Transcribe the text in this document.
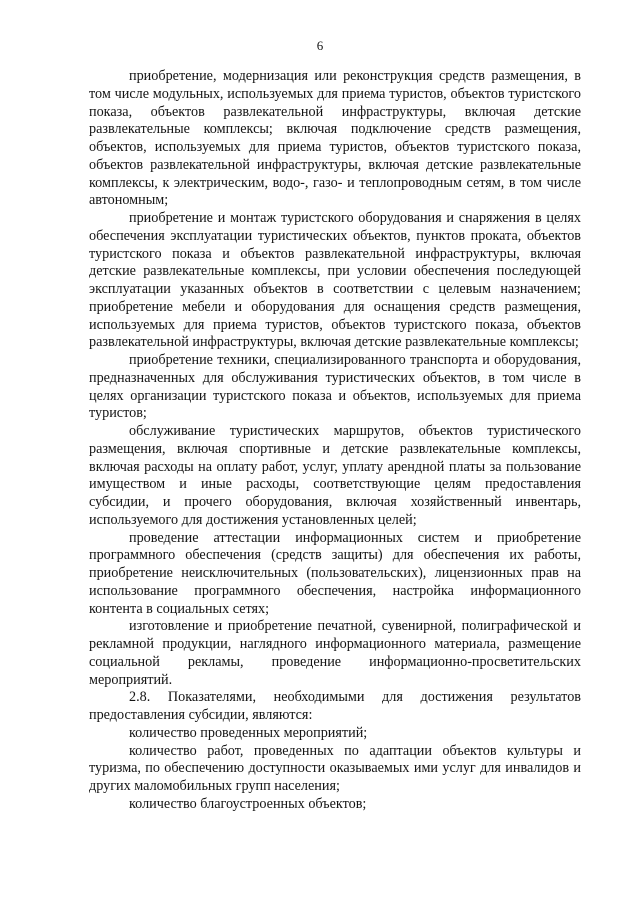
6

приобретение, модернизация или реконструкция средств размещения, в том числе модульных, используемых для приема туристов, объектов туристского показа, объектов развлекательной инфраструктуры, включая детские развлекательные комплексы; включая подключение средств размещения, объектов, используемых для приема туристов, объектов туристского показа, объектов развлекательной инфраструктуры, включая детские развлекательные комплексы, к электрическим, водо-, газо- и теплопроводным сетям, в том числе автономным;

приобретение и монтаж туристского оборудования и снаряжения в целях обеспечения эксплуатации туристических объектов, пунктов проката, объектов туристского показа и объектов развлекательной инфраструктуры, включая детские развлекательные комплексы, при условии обеспечения последующей эксплуатации указанных объектов в соответствии с целевым назначением; приобретение мебели и оборудования для оснащения средств размещения, используемых для приема туристов, объектов туристского показа, объектов развлекательной инфраструктуры, включая детские развлекательные комплексы;

приобретение техники, специализированного транспорта и оборудования, предназначенных для обслуживания туристических объектов, в том числе в целях организации туристского показа и объектов, используемых для приема туристов;

обслуживание туристических маршрутов, объектов туристического размещения, включая спортивные и детские развлекательные комплексы, включая расходы на оплату работ, услуг, уплату арендной платы за пользование имуществом и иные расходы, соответствующие целям предоставления субсидии, и прочего оборудования, включая хозяйственный инвентарь, используемого для достижения установленных целей;

проведение аттестации информационных систем и приобретение программного обеспечения (средств защиты) для обеспечения их работы, приобретение неисключительных (пользовательских), лицензионных прав на использование программного обеспечения, настройка информационного контента в социальных сетях;

изготовление и приобретение печатной, сувенирной, полиграфической и рекламной продукции, наглядного информационного материала, размещение социальной рекламы, проведение информационно-просветительских мероприятий.

2.8. Показателями, необходимыми для достижения результатов предоставления субсидии, являются:

количество проведенных мероприятий;

количество работ, проведенных по адаптации объектов культуры и туризма, по обеспечению доступности оказываемых ими услуг для инвалидов и других маломобильных групп населения;

количество благоустроенных объектов;
